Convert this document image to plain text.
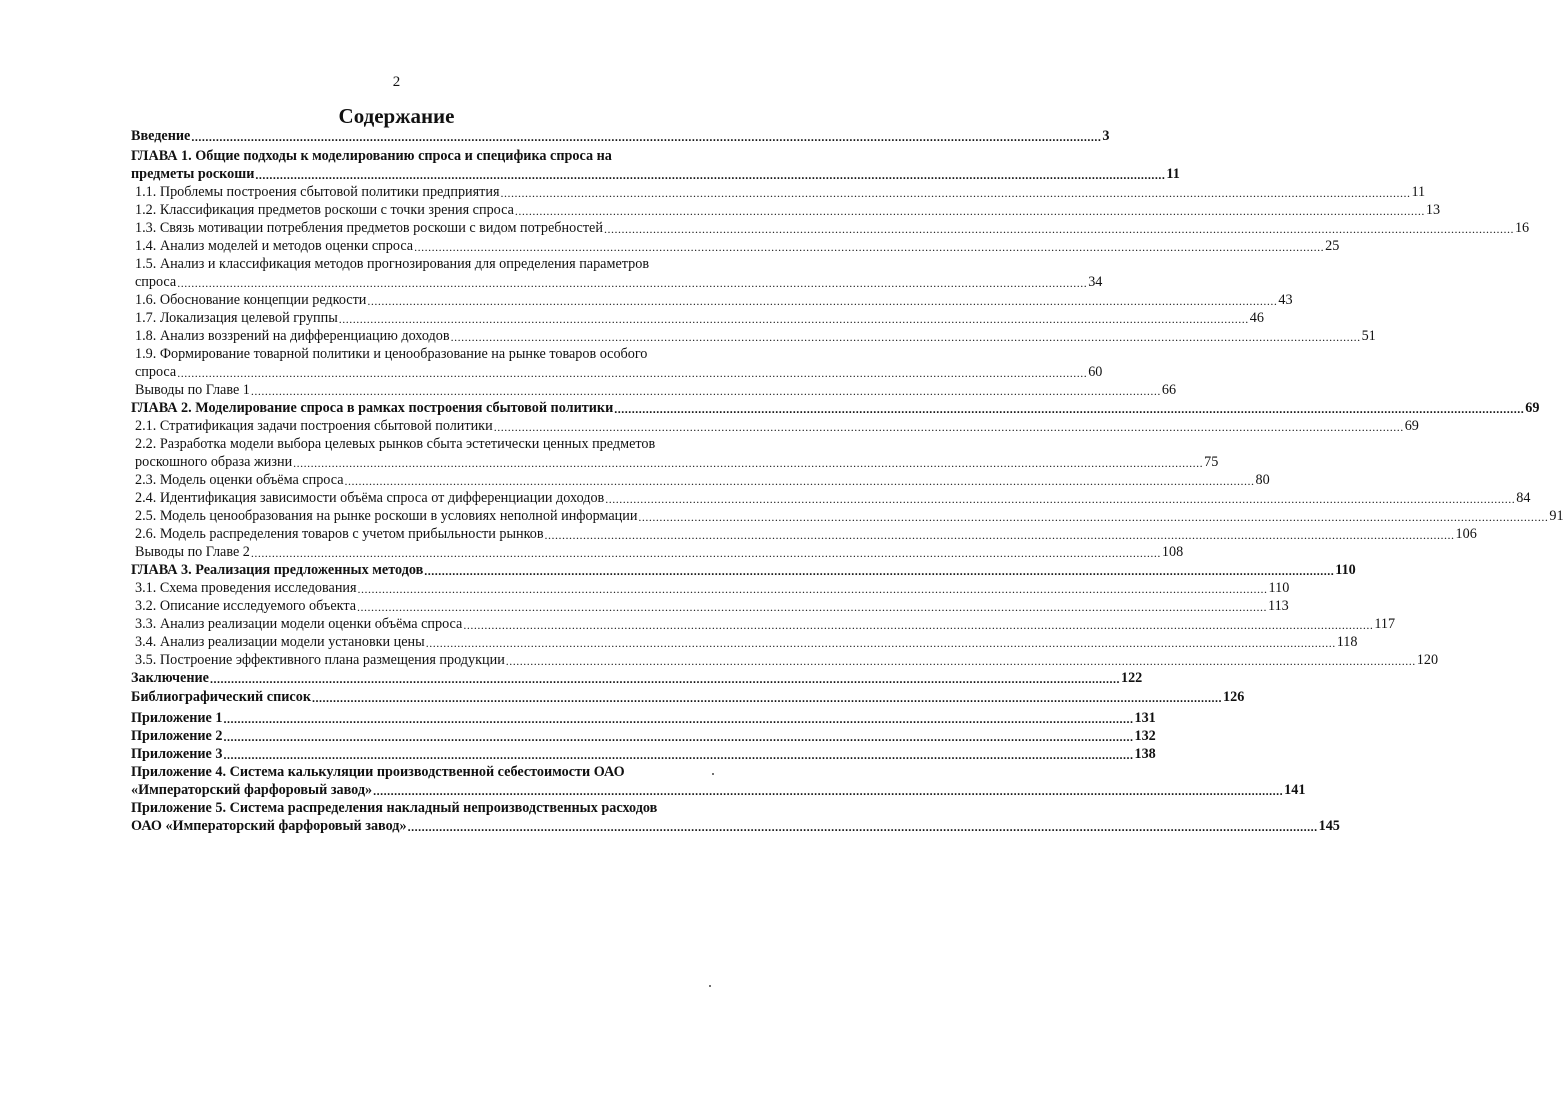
2
Содержание
Введение .................................................................................................................................................................................................................................................................... 3
ГЛАВА 1. Общие подходы к моделированию спроса и специфика спроса на
предметы роскоши .................................................................................................................................................................................................................................................................... 11
1.1. Проблемы построения сбытовой политики предприятия .................................................................................................................................................................................................................................................................... 11
1.2. Классификация предметов роскоши с точки зрения спроса .................................................................................................................................................................................................................................................................... 13
1.3. Связь мотивации потребления предметов роскоши с видом потребностей .................................................................................................................................................................................................................................................................... 16
1.4. Анализ моделей и методов оценки спроса .................................................................................................................................................................................................................................................................... 25
1.5. Анализ и классификация методов прогнозирования для определения параметров
спроса .................................................................................................................................................................................................................................................................... 34
1.6. Обоснование концепции редкости .................................................................................................................................................................................................................................................................... 43
1.7. Локализация целевой группы .................................................................................................................................................................................................................................................................... 46
1.8. Анализ воззрений на дифференциацию доходов .................................................................................................................................................................................................................................................................... 51
1.9. Формирование товарной политики и ценообразование на рынке товаров особого
спроса .................................................................................................................................................................................................................................................................... 60
Выводы по Главе 1 .................................................................................................................................................................................................................................................................... 66
ГЛАВА 2. Моделирование спроса в рамках построения сбытовой политики .................................................................................................................................................................................................................................................................... 69
2.1. Стратификация задачи построения сбытовой политики .................................................................................................................................................................................................................................................................... 69
2.2. Разработка модели выбора целевых рынков сбыта эстетически ценных предметов
роскошного образа жизни .................................................................................................................................................................................................................................................................... 75
2.3. Модель оценки объёма спроса .................................................................................................................................................................................................................................................................... 80
2.4. Идентификация зависимости объёма спроса от дифференциации доходов .................................................................................................................................................................................................................................................................... 84
2.5. Модель ценообразования на рынке роскоши в условиях неполной информации .................................................................................................................................................................................................................................................................... 91
2.6. Модель распределения товаров с учетом прибыльности рынков .................................................................................................................................................................................................................................................................... 106
Выводы по Главе 2 .................................................................................................................................................................................................................................................................... 108
ГЛАВА 3. Реализация предложенных методов .................................................................................................................................................................................................................................................................... 110
3.1. Схема проведения исследования .................................................................................................................................................................................................................................................................... 110
3.2. Описание исследуемого объекта .................................................................................................................................................................................................................................................................... 113
3.3. Анализ реализации модели оценки объёма спроса .................................................................................................................................................................................................................................................................... 117
3.4. Анализ реализации модели установки цены .................................................................................................................................................................................................................................................................... 118
3.5. Построение эффективного плана размещения продукции .................................................................................................................................................................................................................................................................... 120
Заключение .................................................................................................................................................................................................................................................................... 122
Библиографический список .................................................................................................................................................................................................................................................................... 126
Приложение 1 .................................................................................................................................................................................................................................................................... 131
Приложение 2 .................................................................................................................................................................................................................................................................... 132
Приложение 3 .................................................................................................................................................................................................................................................................... 138
Приложение 4. Система калькуляции производственной себестоимости ОАО
«Императорский фарфоровый завод» .................................................................................................................................................................................................................................................................... 141
Приложение 5. Система распределения накладный непроизводственных расходов
ОАО «Императорский фарфоровый завод» .................................................................................................................................................................................................................................................................... 145
